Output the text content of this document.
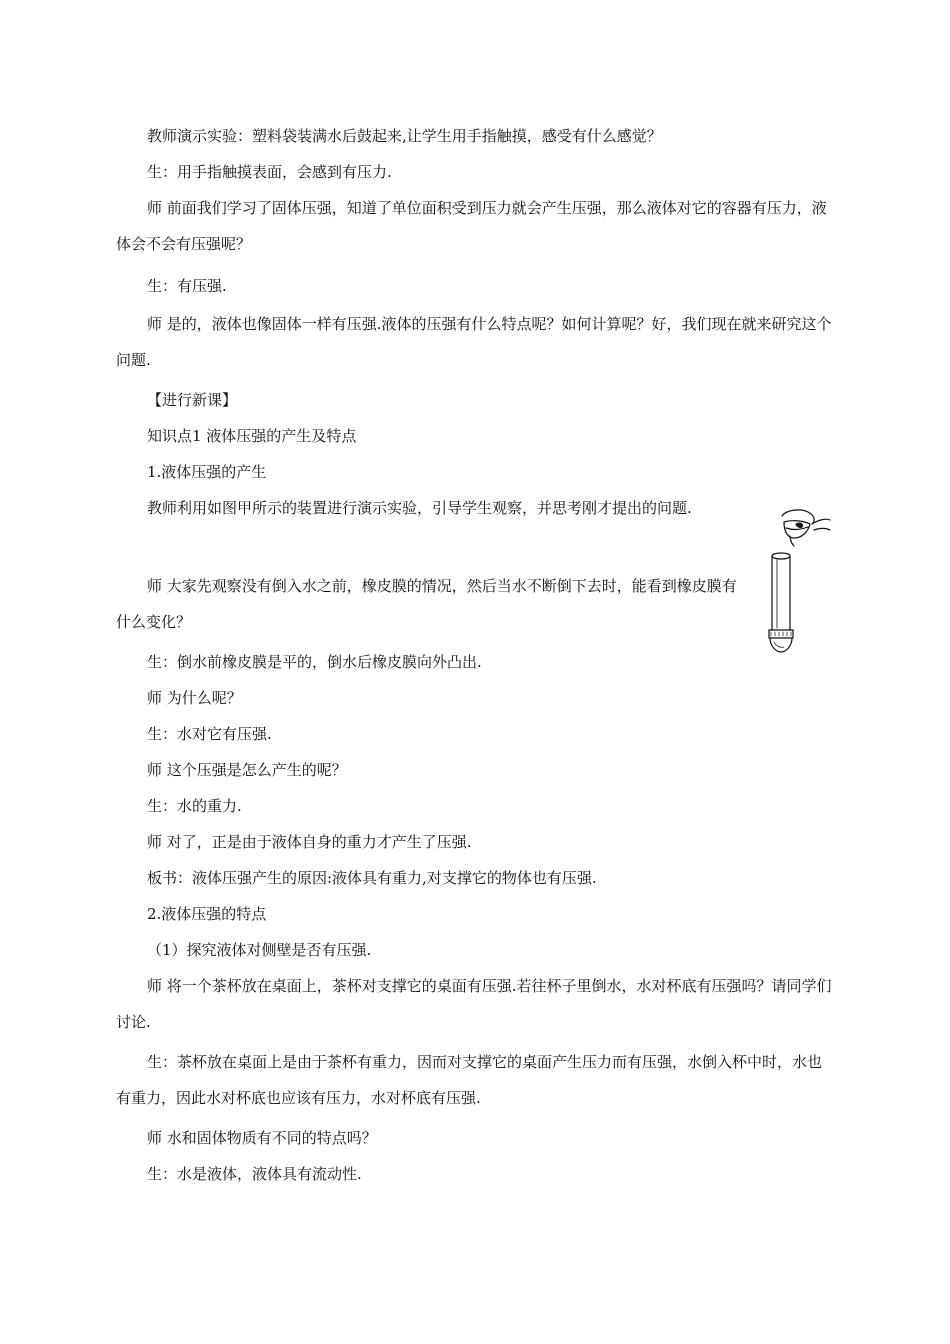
教师演示实验：塑料袋装满水后鼓起来,让学生用手指触摸，感受有什么感觉？

生：用手指触摸表面，会感到有压力.

师 前面我们学习了固体压强，知道了单位面积受到压力就会产生压强，那么液体对它的容器有压力，液体会不会有压强呢？

生：有压强.

师 是的，液体也像固体一样有压强.液体的压强有什么特点呢？如何计算呢？好，我们现在就来研究这个问题.

【进行新课】

知识点1 液体压强的产生及特点

1.液体压强的产生

教师利用如图甲所示的装置进行演示实验，引导学生观察，并思考刚才提出的问题.

师 大家先观察没有倒入水之前，橡皮膜的情况，然后当水不断倒下去时，能看到橡皮膜有什么变化？

生：倒水前橡皮膜是平的，倒水后橡皮膜向外凸出.

师 为什么呢？

生：水对它有压强.

师 这个压强是怎么产生的呢？

生：水的重力.

师 对了，正是由于液体自身的重力才产生了压强.

板书：液体压强产生的原因:液体具有重力,对支撑它的物体也有压强.

2.液体压强的特点

（1）探究液体对侧壁是否有压强.

师 将一个茶杯放在桌面上，茶杯对支撑它的桌面有压强.若往杯子里倒水，水对杯底有压强吗？请同学们讨论.

生：茶杯放在桌面上是由于茶杯有重力，因而对支撑它的桌面产生压力而有压强，水倒入杯中时，水也有重力，因此水对杯底也应该有压力，水对杯底有压强.

师 水和固体物质有不同的特点吗？

生：水是液体，液体具有流动性.
